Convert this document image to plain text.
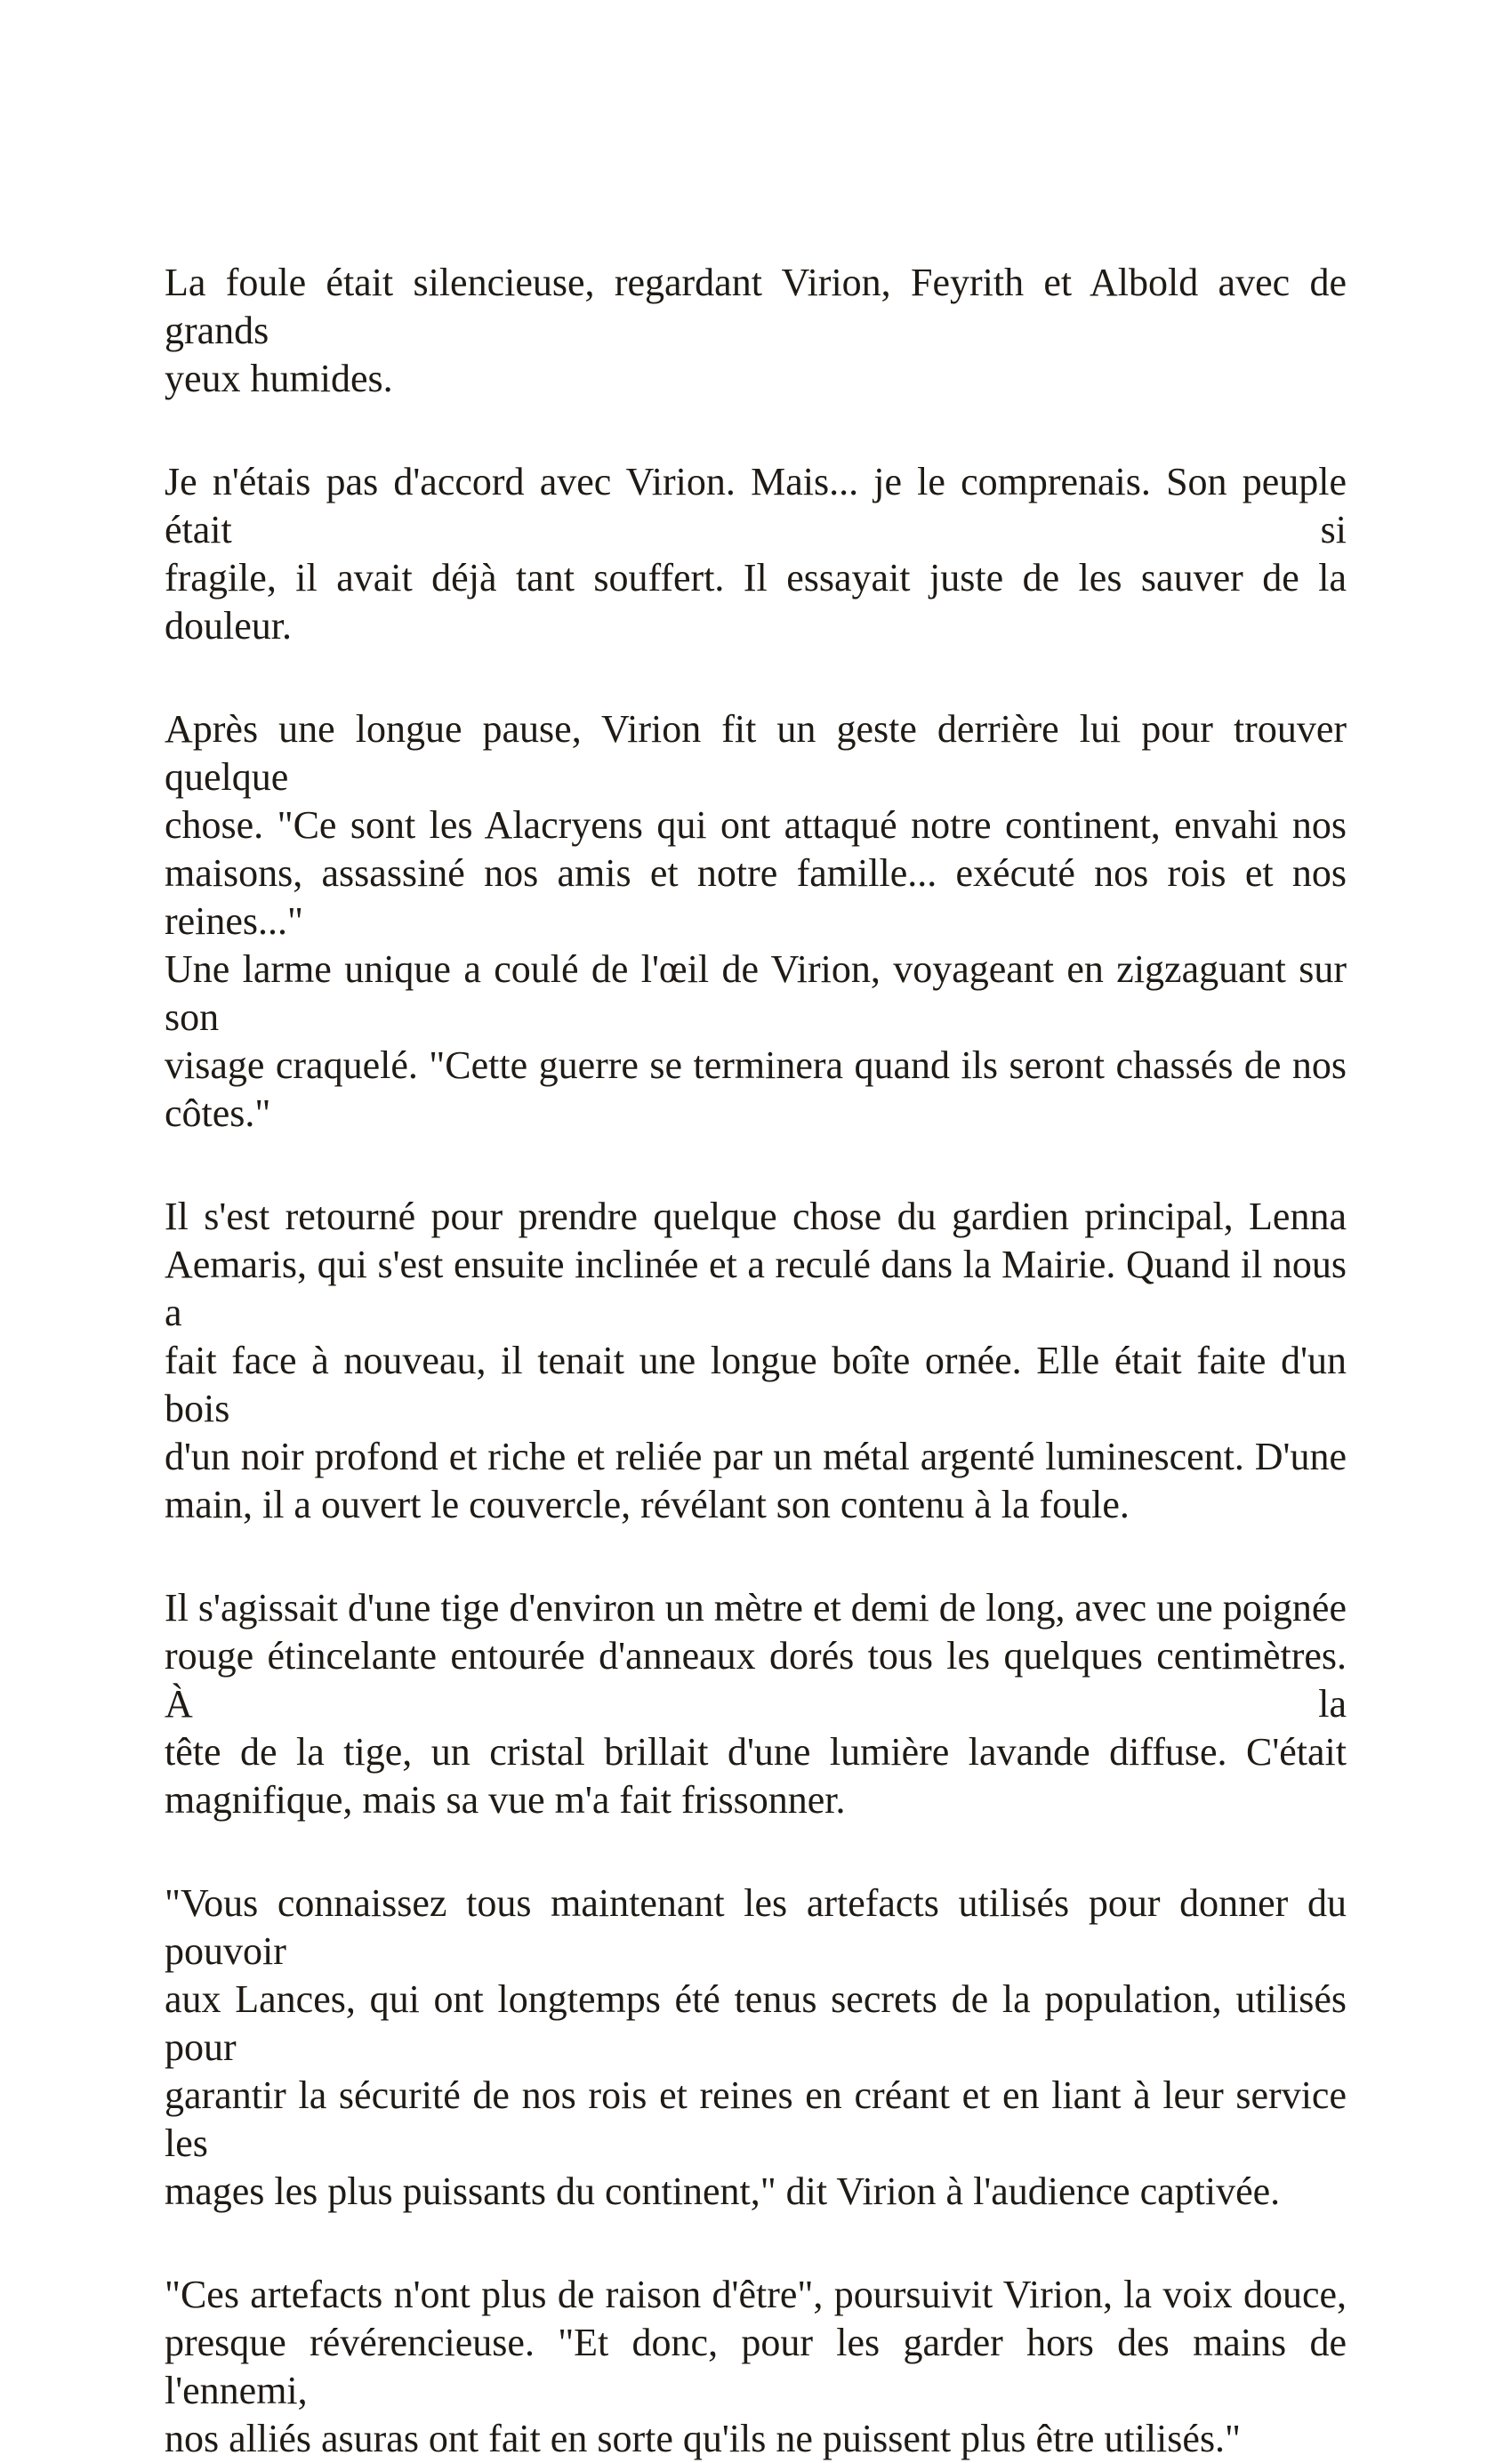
La foule était silencieuse, regardant Virion, Feyrith et Albold avec de grands
yeux humides.
Je n'étais pas d'accord avec Virion. Mais... je le comprenais. Son peuple était si
fragile, il avait déjà tant souffert. Il essayait juste de les sauver de la douleur.
Après une longue pause, Virion fit un geste derrière lui pour trouver quelque
chose. "Ce sont les Alacryens qui ont attaqué notre continent, envahi nos
maisons, assassiné nos amis et notre famille... exécuté nos rois et nos reines..."
Une larme unique a coulé de l'œil de Virion, voyageant en zigzaguant sur son
visage craquelé. "Cette guerre se terminera quand ils seront chassés de nos
côtes."
Il s'est retourné pour prendre quelque chose du gardien principal, Lenna
Aemaris, qui s'est ensuite inclinée et a reculé dans la Mairie. Quand il nous a
fait face à nouveau, il tenait une longue boîte ornée. Elle était faite d'un bois
d'un noir profond et riche et reliée par un métal argenté luminescent. D'une
main, il a ouvert le couvercle, révélant son contenu à la foule.
Il s'agissait d'une tige d'environ un mètre et demi de long, avec une poignée
rouge étincelante entourée d'anneaux dorés tous les quelques centimètres. À la
tête de la tige, un cristal brillait d'une lumière lavande diffuse. C'était
magnifique, mais sa vue m'a fait frissonner.
"Vous connaissez tous maintenant les artefacts utilisés pour donner du pouvoir
aux Lances, qui ont longtemps été tenus secrets de la population, utilisés pour
garantir la sécurité de nos rois et reines en créant et en liant à leur service les
mages les plus puissants du continent," dit Virion à l'audience captivée.
"Ces artefacts n'ont plus de raison d'être", poursuivit Virion, la voix douce,
presque révérencieuse. "Et donc, pour les garder hors des mains de l'ennemi,
nos alliés asuras ont fait en sorte qu'ils ne puissent plus être utilisés."
